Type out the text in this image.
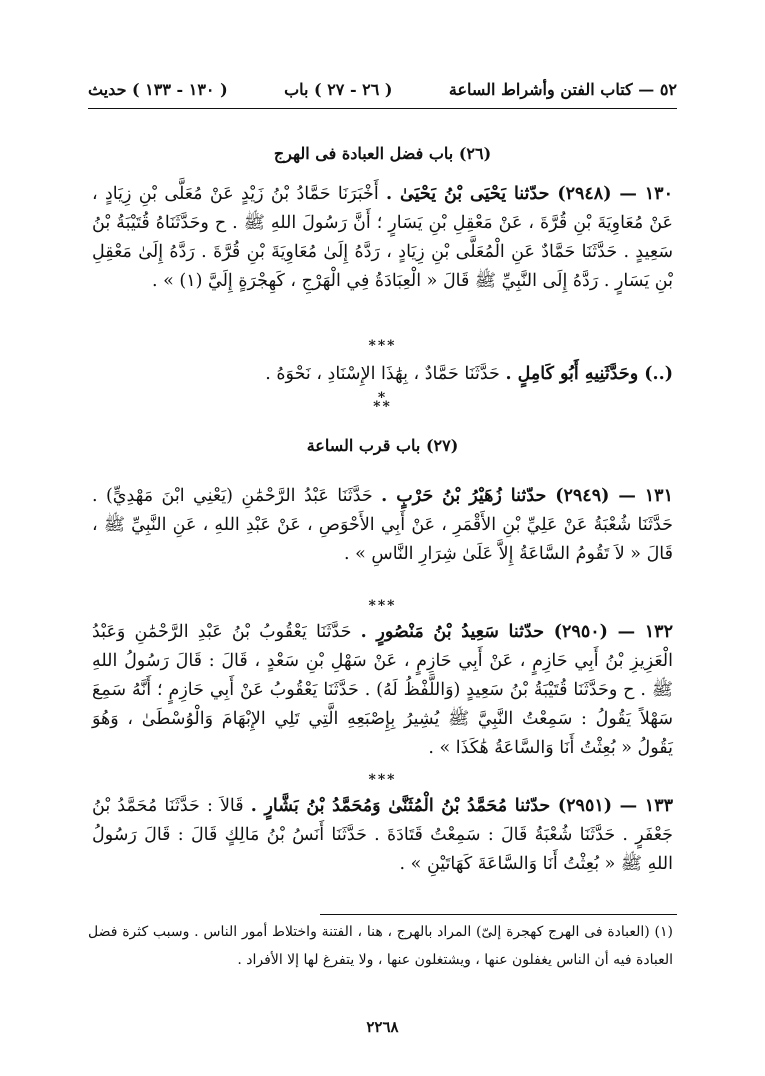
٥٢ — كتاب الفتن وأشراط الساعة
( ٢٦ - ٢٧ ) باب
( ١٣٠ - ١٣٣ ) حديث
(٢٦) باب فضل العبادة فى الهرج
١٣٠ — (٢٩٤٨) حدّثنا يَحْيَى بْنُ يَحْيَىٰ . أَخْبَرَنَا حَمَّادُ بْنُ زَيْدٍ عَنْ مُعَلَّى بْنِ زِيَادٍ ، عَنْ مُعَاوِيَةَ بْنِ قُرَّةَ ، عَنْ مَعْقِلِ بْنِ يَسَارٍ ؛ أَنَّ رَسُولَ اللهِ ﷺ . ح وحَدَّثَنَاهُ قُتَيْبَةُ بْنُ سَعِيدٍ . حَدَّثَنَا حَمَّادٌ عَنِ الْمُعَلَّى بْنِ زِيَادٍ ، رَدَّهُ إِلَىٰ مُعَاوِيَةَ بْنِ قُرَّةَ . رَدَّهُ إِلَىٰ مَعْقِلِ بْنِ يَسَارٍ . رَدَّهُ إِلَى النَّبِيِّ ﷺ قَالَ « الْعِبَادَةُ فِي الْهَرْجِ ، كَهِجْرَةٍ إِلَيَّ (١) » .
***
(..) وحَدَّثَنِيهِ أَبُو كَامِلٍ . حَدَّثَنَا حَمَّادٌ ، بِهَٰذَا الإِسْنَادِ ، نَحْوَهُ .
*
**
(٢٧) باب قرب الساعة
١٣١ — (٢٩٤٩) حدّثنا زُهَيْرُ بْنُ حَرْبٍ . حَدَّثَنَا عَبْدُ الرَّحْمَٰنِ (يَعْنِي ابْنَ مَهْدِيٍّ) . حَدَّثَنَا شُعْبَةُ عَنْ عَلِيِّ بْنِ الأَقْمَرِ ، عَنْ أَبِي الأَحْوَصِ ، عَنْ عَبْدِ اللهِ ، عَنِ النَّبِيِّ ﷺ ، قَالَ « لاَ تَقُومُ السَّاعَةُ إِلاَّ عَلَىٰ شِرَارِ النَّاسِ » .
***
١٣٢ — (٢٩٥٠) حدّثنا سَعِيدُ بْنُ مَنْصُورٍ . حَدَّثَنَا يَعْقُوبُ بْنُ عَبْدِ الرَّحْمَٰنِ وَعَبْدُ الْعَزِيزِ بْنُ أَبِي حَازِمٍ ، عَنْ أَبِي حَازِمٍ ، عَنْ سَهْلِ بْنِ سَعْدٍ ، قَالَ : قَالَ رَسُولُ اللهِ ﷺ . ح وحَدَّثَنَا قُتَيْبَةُ بْنُ سَعِيدٍ (وَاللَّفْظُ لَهُ) . حَدَّثَنَا يَعْقُوبُ عَنْ أَبِي حَازِمٍ ؛ أَنَّهُ سَمِعَ سَهْلاً يَقُولُ : سَمِعْتُ النَّبِيَّ ﷺ يُشِيرُ بِإِصْبَعِهِ الَّتِي تَلِي الإِبْهَامَ وَالْوُسْطَىٰ ، وَهُوَ يَقُولُ « بُعِثْتُ أَنَا وَالسَّاعَةُ هَٰكَذَا » .
***
١٣٣ — (٢٩٥١) حدّثنا مُحَمَّدُ بْنُ الْمُثَنَّىٰ وَمُحَمَّدُ بْنُ بَشَّارٍ . قَالاَ : حَدَّثَنَا مُحَمَّدُ بْنُ جَعْفَرٍ . حَدَّثَنَا شُعْبَةُ قَالَ : سَمِعْتُ قَتَادَةَ . حَدَّثَنَا أَنَسُ بْنُ مَالِكٍ قَالَ : قَالَ رَسُولُ اللهِ ﷺ « بُعِثْتُ أَنَا وَالسَّاعَةَ كَهَاتَيْنِ » .
(١) (العبادة فى الهرج كهجرة إلىّ) المراد بالهرج ، هنا ، الفتنة واختلاط أمور الناس . وسبب كثرة فضل العبادة فيه أن الناس يغفلون عنها ، ويشتغلون عنها ، ولا يتفرغ لها إلا الأفراد .
٢٢٦٨
